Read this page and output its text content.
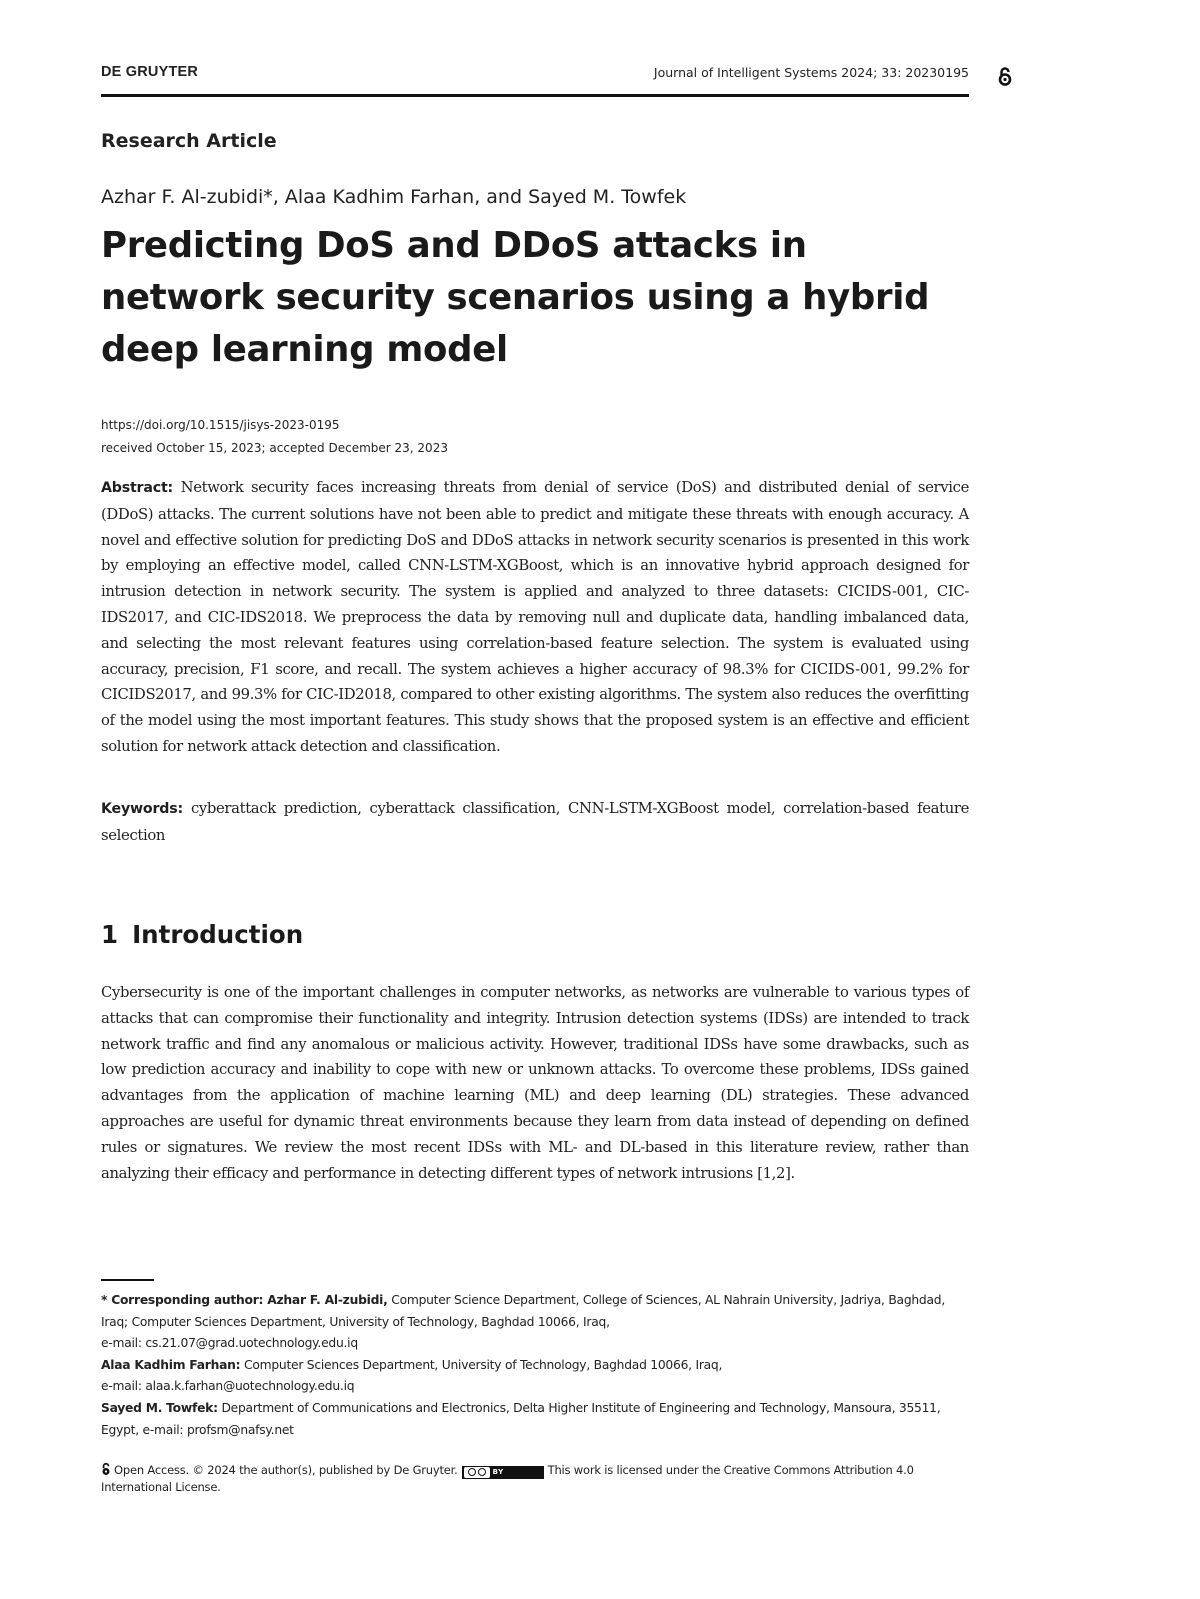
DE GRUYTER	Journal of Intelligent Systems 2024; 33: 20230195
Research Article
Azhar F. Al-zubidi*, Alaa Kadhim Farhan, and Sayed M. Towfek
Predicting DoS and DDoS attacks in network security scenarios using a hybrid deep learning model
https://doi.org/10.1515/jisys-2023-0195
received October 15, 2023; accepted December 23, 2023

Abstract: Network security faces increasing threats from denial of service (DoS) and distributed denial of service (DDoS) attacks. The current solutions have not been able to predict and mitigate these threats with enough accuracy. A novel and effective solution for predicting DoS and DDoS attacks in network security scenarios is presented in this work by employing an effective model, called CNN-LSTM-XGBoost, which is an innovative hybrid approach designed for intrusion detection in network security. The system is applied and analyzed to three datasets: CICIDS-001, CIC-IDS2017, and CIC-IDS2018. We preprocess the data by removing null and duplicate data, handling imbalanced data, and selecting the most relevant features using correlation-based feature selection. The system is evaluated using accuracy, precision, F1 score, and recall. The system achieves a higher accuracy of 98.3% for CICIDS-001, 99.2% for CICIDS2017, and 99.3% for CIC-ID2018, compared to other existing algorithms. The system also reduces the overfitting of the model using the most important features. This study shows that the proposed system is an effective and efficient solution for network attack detection and classification.

Keywords: cyberattack prediction, cyberattack classification, CNN-LSTM-XGBoost model, correlation-based feature selection

1 Introduction

Cybersecurity is one of the important challenges in computer networks, as networks are vulnerable to various types of attacks that can compromise their functionality and integrity. Intrusion detection systems (IDSs) are intended to track network traffic and find any anomalous or malicious activity. However, traditional IDSs have some drawbacks, such as low prediction accuracy and inability to cope with new or unknown attacks. To overcome these problems, IDSs gained advantages from the application of machine learning (ML) and deep learning (DL) strategies. These advanced approaches are useful for dynamic threat environments because they learn from data instead of depending on defined rules or signatures. We review the most recent IDSs with ML- and DL-based in this literature review, rather than analyzing their efficacy and performance in detecting different types of network intrusions [1,2].

* Corresponding author: Azhar F. Al-zubidi, Computer Science Department, College of Sciences, AL Nahrain University, Jadriya, Baghdad, Iraq; Computer Sciences Department, University of Technology, Baghdad 10066, Iraq,

e-mail: cs.21.07@grad.uotechnology.edu.iq

Alaa Kadhim Farhan: Computer Sciences Department, University of Technology, Baghdad 10066, Iraq,

e-mail: alaa.k.farhan@uotechnology.edu.iq

Sayed M. Towfek: Department of Communications and Electronics, Delta Higher Institute of Engineering and Technology, Mansoura, 35511, Egypt, e-mail: profsm@nafsy.net

Open Access. © 2024 the author(s), published by De Gruyter.	BY	This work is licensed under the Creative Commons Attribution 4.0 International License.
